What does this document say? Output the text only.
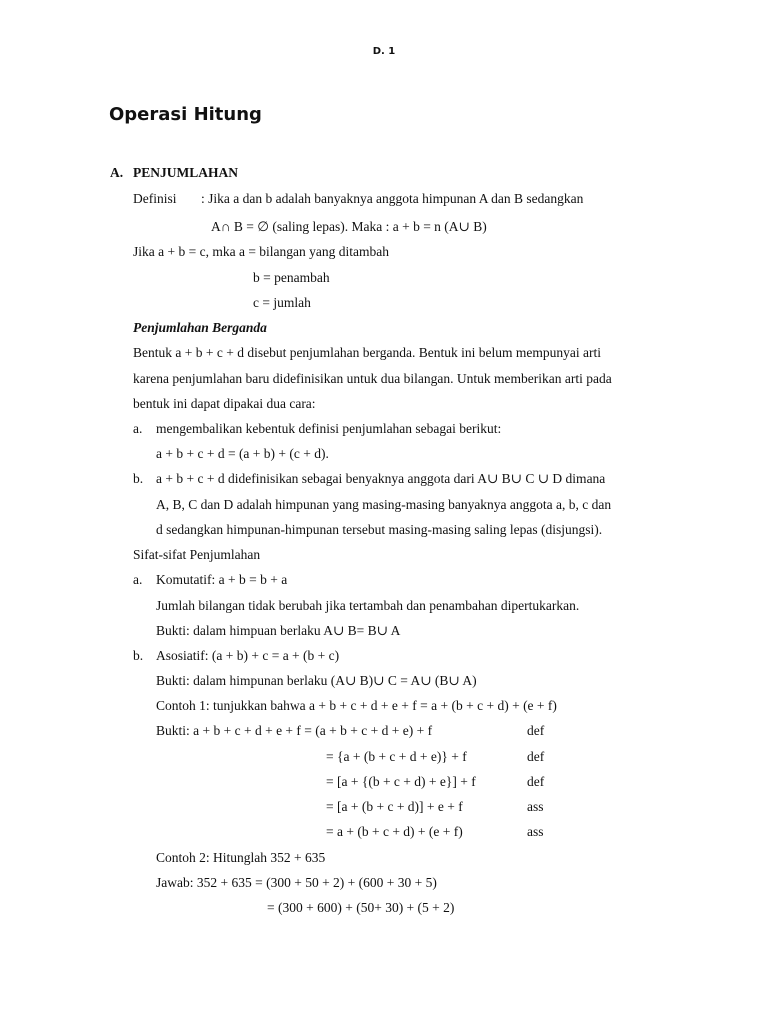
D. 1
Operasi Hitung
A. PENJUMLAHAN
Definisi : Jika a dan b adalah banyaknya anggota himpunan A dan B sedangkan
A∩ B = ∅ (saling lepas). Maka : a + b = n (A∪ B)
Jika a + b = c, mka a = bilangan yang ditambah
b = penambah
c = jumlah
Penjumlahan Berganda
Bentuk a + b + c + d disebut penjumlahan berganda. Bentuk ini belum mempunyai arti
karena penjumlahan baru didefinisikan untuk dua bilangan. Untuk memberikan arti pada
bentuk ini dapat dipakai dua cara:
a. mengembalikan kebentuk definisi penjumlahan sebagai berikut:
a + b + c + d = (a + b) + (c + d).
b. a + b + c + d didefinisikan sebagai benyaknya anggota dari A∪ B∪ C ∪ D dimana
A, B, C dan D adalah himpunan yang masing-masing banyaknya anggota a, b, c dan
d sedangkan himpunan-himpunan tersebut masing-masing saling lepas (disjungsi).
Sifat-sifat Penjumlahan
a. Komutatif: a + b = b + a
Jumlah bilangan tidak berubah jika tertambah dan penambahan dipertukarkan.
Bukti: dalam himpuan berlaku A∪ B= B∪ A
b. Asosiatif: (a + b) + c = a + (b + c)
Bukti: dalam himpunan berlaku (A∪ B)∪ C = A∪ (B∪ A)
Contoh 1: tunjukkan bahwa a + b + c + d + e + f = a + (b + c + d) + (e + f)
Bukti: a + b + c + d + e + f = (a + b + c + d + e) + f	def
= {a + (b + c + d + e)} + f	def
= [a + {(b + c + d) + e}] + f	def
= [a + (b + c + d)] + e + f	ass
= a + (b + c + d) + (e + f)	ass
Contoh 2: Hitunglah 352 + 635
Jawab: 352 + 635 = (300 + 50 + 2) + (600 + 30 + 5)
= (300 + 600) + (50+ 30) + (5 + 2)
